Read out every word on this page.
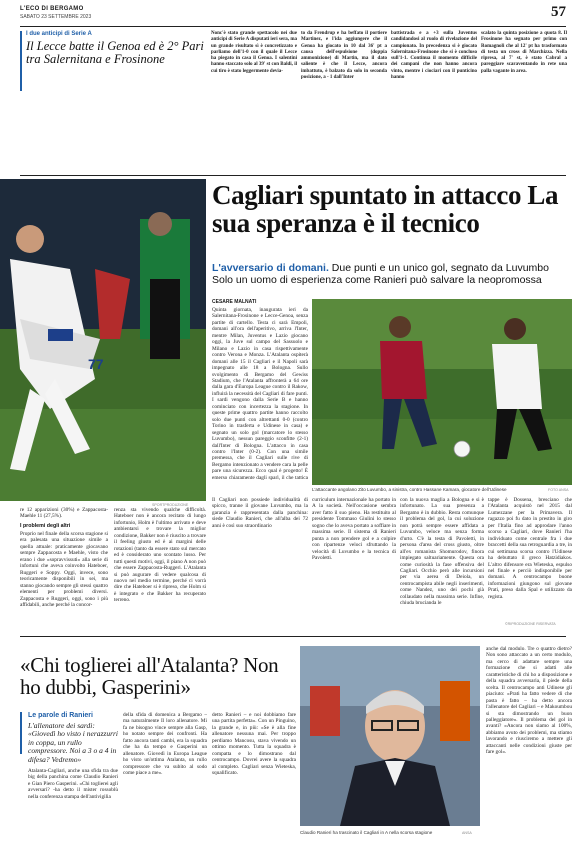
L'ECO DI BERGAMO
SABATO 23 SETTEMBRE 2023	57
I due anticipi di Serie A
Il Lecce batte il Genoa ed è 2° Pari tra Salernitana e Frosinone
Nonc'è stato grande spettacolo nei due anticipi di Serie A disputati ieri sera, ma un grande risultato sì è concretizzato e parliamo dell'1-0 con il quale il Lecce ha piegato in casa il Genoa. I salentini hanno staccato solo al 39' st con Baldi, il cui tiro è stato leggermente devia-
to da Frendrup e ha beffato il portiere Martinez, e l'ida aggiungere che il Genoa ha giocato in 10 dal 36' pt a causa dell'espulsione (doppia ammonizione) di Martin, ma il dato saliente è che il Lecce, ancora imbattuto, è balzato da solo in seconda posizione, a - 1 dall'Inter
battistrada e a +3 sulla Juventus candidandosi al ruolo di rivelazione del campionato. In precedenza si è giocato Salernitana-Frosinone che si è concluso sull'1-1. Continua il momento difficile dei campani che non hanno ancora vinto, mentre i ciociari con il punticino hanno
scalato la quinta posizione a quota 8. Il Frosinone ha segnato per primo con Romagnoli che al 12' pt ha trasformato di testa un cross di Marchizza. Nella ripresa, al 7' st, è stato Cabral a pareggiare scaraventando in rete una palla vagante in area.
77
SPORTPRODUZIONE
Cagliari spuntato in attacco La sua speranza è il tecnico
L'avversario di domani. Due punti e un unico gol, segnato da Luvumbo Solo un uomo di esperienza come Ranieri può salvare la neopromossa
CESARE MALNATI
Quinta giornata, inaugurata ieri da Salernitana-Frosinone e Lecce-Genoa, senza partite di cartello. Testa ci sarà Empoli, domani all'ora dell'aperitivo, arriva l'Inter, mentre Milan, Juventus e Lazio giocano oggi, la Juve sul campo del Sassuolo e Milano e Lazio in casa rispettivamente contro Verona e Monza. L'Atalanta ospiterà domani alle 15 il Cagliari e il Napoli sarà impegnato alle 18 a Bologna. Sullo svolgimento di Bergamo del Gewiss Stadium, che l'Atalanta affronterà a 64 ore dalla gara d'Europa League contro il Rakow, influirà la necessità del Cagliari di fare punti. I sardi vengono dalla Serie B e hanno cominciato con incertezza la stagione. In queste prime quattro partite hanno raccolto solo due punti con altrettanti 0-0 (contro Torino in trasferta e Udinese in casa) e segnato un solo gol (marcatore lo stesso Luvumbo), nessun pareggio sconfitte (2-1) dall'Inter di Bologna. L'attacco in casa contro l'Inter (0-2). Con una simile premessa, che il Cagliari sulle rive di Bergamo intenzionato a vendere cara la pelle pare una sicurezza. Ecco qual è progetto! È emerso chiaramente dagli sparì, il che tattica
L'attaccante angolano Zito Luvumbo, a sinistra, contro Hassane Kamara, giocatore dell'Udinese	FOTO ANSA
Il Cagliari non possiede individualità di spicco, tranne il giovane Luvumbo, ma la garanzia è rappresentata dalla panchina: siede Claudio Ranieri, che all'alba dei 72 anni è così suo straordinario
curriculum internazionale ha portato in A la società. Nell'occasione sembra aver fatto il suo pieno. Ha restituito al presidente Tommaso Giulini lo stesso sogno che lo aveva portato a soffiare in massima serie. Il sistema di Ranieri punta a non prendere gol e a colpire con ripartenze veloci sfruttando la velocità di Luvumbo e la tecnica di Pavoletti.
con la nuova maglia a Bologna e si è infortunato. La sua presenza a Bergamo è in dubbio. Resta comunque il problema del gol, la cui soluzione non potrà sempre essere affidata a Luvumbo, veloce ma senza forma d'urto. C'è la testa di Pavoletti, in persona d'area del cross giusto, oltre all'ex romanista Shomurodov, finora impiegato saltuariamente. Questa ora come curiosità la fase offensiva del Cagliari. Occhio però alle incursioni per via aerea di Deiola, un centrocampista abile negli inserimenti, come Nandez, uno dei pochi già collaudato nella massima serie. Infine, chiuda brucianda le
tappe è Dossena, bresciano che l'Atalanta acquistò nel 2015 dal Lumezzane per la Primavera. Il ragazzo poi fu dato in prestito in giro per l'Italia fino ad approdare l'anno scorso a Cagliari, dove Ranieri l'ha individuato come centrale fra i due braccetti della sua retroguardia a tre, in cui settimana scorsa contro l'Udinese ha debuttato il greco Hatzidiakos. L'altro difensore era Wieteska, espulso nel finale e perciò indisponibile per domani. A centrocampo buone informazioni giungono sul giovane Prati, preso dalla Spal e utilizzato da regista.
©RIPRODUZIONE RISERVATA
re 12 apparizioni (30%) e Zappacosta-Maehle 11 (27,5%).
I problemi degli altri
Proprio nel finale della scorsa stagione si era palesata una situazione simile a quella attuale: praticamente giocavano sempre Zappacosta e Maehle, visto che erano i due «sopravvissuti» alla serie di infortuni che aveva coinvolto Hateboer, Ruggeri e Soppy. Oggi, invece, sono teoricamente disponibili in sei, ma stanno giocando sempre gli stessi quattro elementi per problemi diversi. Zappacosta e Ruggeri, oggi, sono i più affidabili, anche perché la concor-
renza sta vivendo qualche difficoltà. Hateboer non è ancora recitato di lungo infortunio, Holm è l'ultimo arrivato e deve ambientarsi e trovare la miglior condizione, Bakker non è riuscito a trovare il feeling giusto ed è ai margini delle rotazioni (tanto da essere stato sul mercato ed è considerato uno scontato lusso. Per tutti questi motivi, oggi, il piano A non può che essere Zappacosta-Ruggeri. L'Atalanta si può augurare di vedere qualcosa di nuovo nel medio termine, perché ci vorrà dire che Hateboer si è ripreso, che Holm si è integrato e che Bakker ha recuperato terreno.
«Chi toglierei all'Atalanta? Non ho dubbi, Gasperini»
Le parole di Ranieri
L'allenatore dei sardi: «Giovedì ho visto i nerazzurri in coppa, un rullo compressore. Noi a 3 o a 4 in difesa? Vedremo»
Atalanta-Cagliari, anche una sfida tra due big della panchina come Claudio Ranieri e Gian Piero Gasperini. «Chi toglierei agli avversari? -ha detto il mister rossoblù nella conferenza stampa dell'antivigilia
della sfida di domenica a Bergamo – ma naturalmente Il loro allenatore. Mi fa ne bisogno vince sempre alla Gasp, ho notato sempre dei confronti. Ha fatto ancora tanti cambi, era la squadra che ha da tempo e Gasperini un allenatore. Giovedì in Europa League ho visto un'ottima Atalanta, un rullo compressore che va subito al sodo come piace a me».
detto Ranieri – e noi dobbiamo fare una partita perfetta». Con un Pinguino, la grande e, in più: «Se è alla fine allenatore nessuna mai. Per troppo perdiamo Mancosu, stava vivendo un ottimo momento. Tutta la squadra è compatta e lo dimostrano dal centrocampo. Dovrei avere la squadra al completo. Cagliari senza Wieteska, squalificato.
Claudio Ranieri ha trascinato il Cagliari in A nella scorsa stagione	ANSA
anche dal modulo. Tre o quattro dietro? Non sono attaccato a un certo modulo, ma cerco di adattare sempre una formazione che si adatti alle caratteristiche di chi ho a disposizione e della squadra avversaria, il piede della scelta. Il centrocampo anti Udinese gli piaciuto: «Prati ha fatto vedere di che pasta è fatto – ha detto ancora l'allenatore del Cagliari – e Makoumbou si sta dimostrando un buon palleggiatore». Il problema del gol in avanti? «Ancora non siamo al 100%, abbiamo avuto dei problemi, ma stiamo lavorando e riusciremo a mettere gli attaccanti nelle condizioni giuste per fare gol».
